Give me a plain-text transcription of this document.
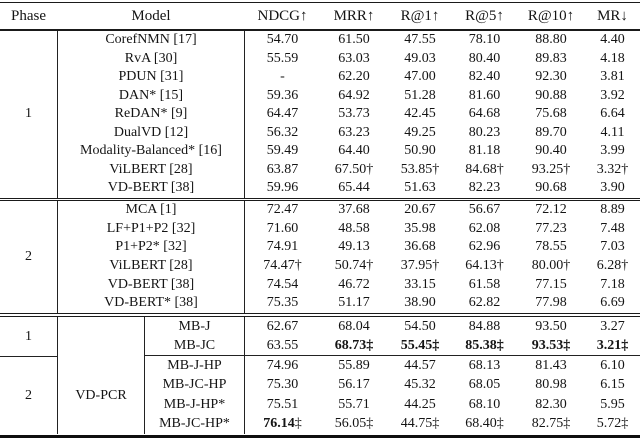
Phase	Model	NDCG↑	MRR↑	R@1↑	R@5↑	R@10↑	MR↓
1
CorefNMN [17]	54.70	61.50 47.55 78.10	88.80 4.40
RvA [30]	55.59	63.03 49.03 80.40	89.83 4.18
PDUN [31]	-	62.20 47.00 82.40	92.30 3.81
DAN* [15]	59.36	64.92 51.28 81.60	90.88 3.92
ReDAN* [9]	64.47	53.73 42.45 64.68	75.68 6.64
DualVD [12]	56.32	63.23 49.25 80.23	89.70 4.11
Modality-Balanced* [16]	59.49	64.40 50.90 81.18	90.40 3.99
ViLBERT [28]	63.87	67.50 † 53.85 † 84.68 † 93.25 † 3.32 †
VD-BERT [38]	59.96	65.44 51.63 82.23	90.68 3.90
2
MCA [1]	72.47	37.68 20.67 56.67	72.12 8.89
LF+P1+P2 [32]	71.60	48.58 35.98 62.08	77.23 7.48
P1+P2* [32]	74.91	49.13 36.68 62.96	78.55 7.03
ViLBERT [28]	74.47 † 50.74 † 37.95 † 64.13 † 80.00 † 6.28 †
VD-BERT [38]	74.54	46.72 33.15 61.58	77.15 7.18
VD-BERT* [38]	75.35	51.17 38.90 62.82	77.98 6.69
1
2	VD-PCR
MB-J	62.67	68.04 54.50 84.88	93.50 3.27
MB-JC	63.55	68.73 ‡ 55.45 ‡ 85.38 ‡ 93.53 ‡ 3.21 ‡
MB-J-HP	74.96	55.89 44.57 68.13	81.43 6.10
MB-JC-HP	75.30	56.17 45.32 68.05	80.98 6.15
MB-J-HP*	75.51	55.71 44.25 68.10	82.30 5.95
MB-JC-HP*	76.14 ‡ 56.05 ‡ 44.75 ‡ 68.40 ‡ 82.75 ‡ 5.72 ‡
